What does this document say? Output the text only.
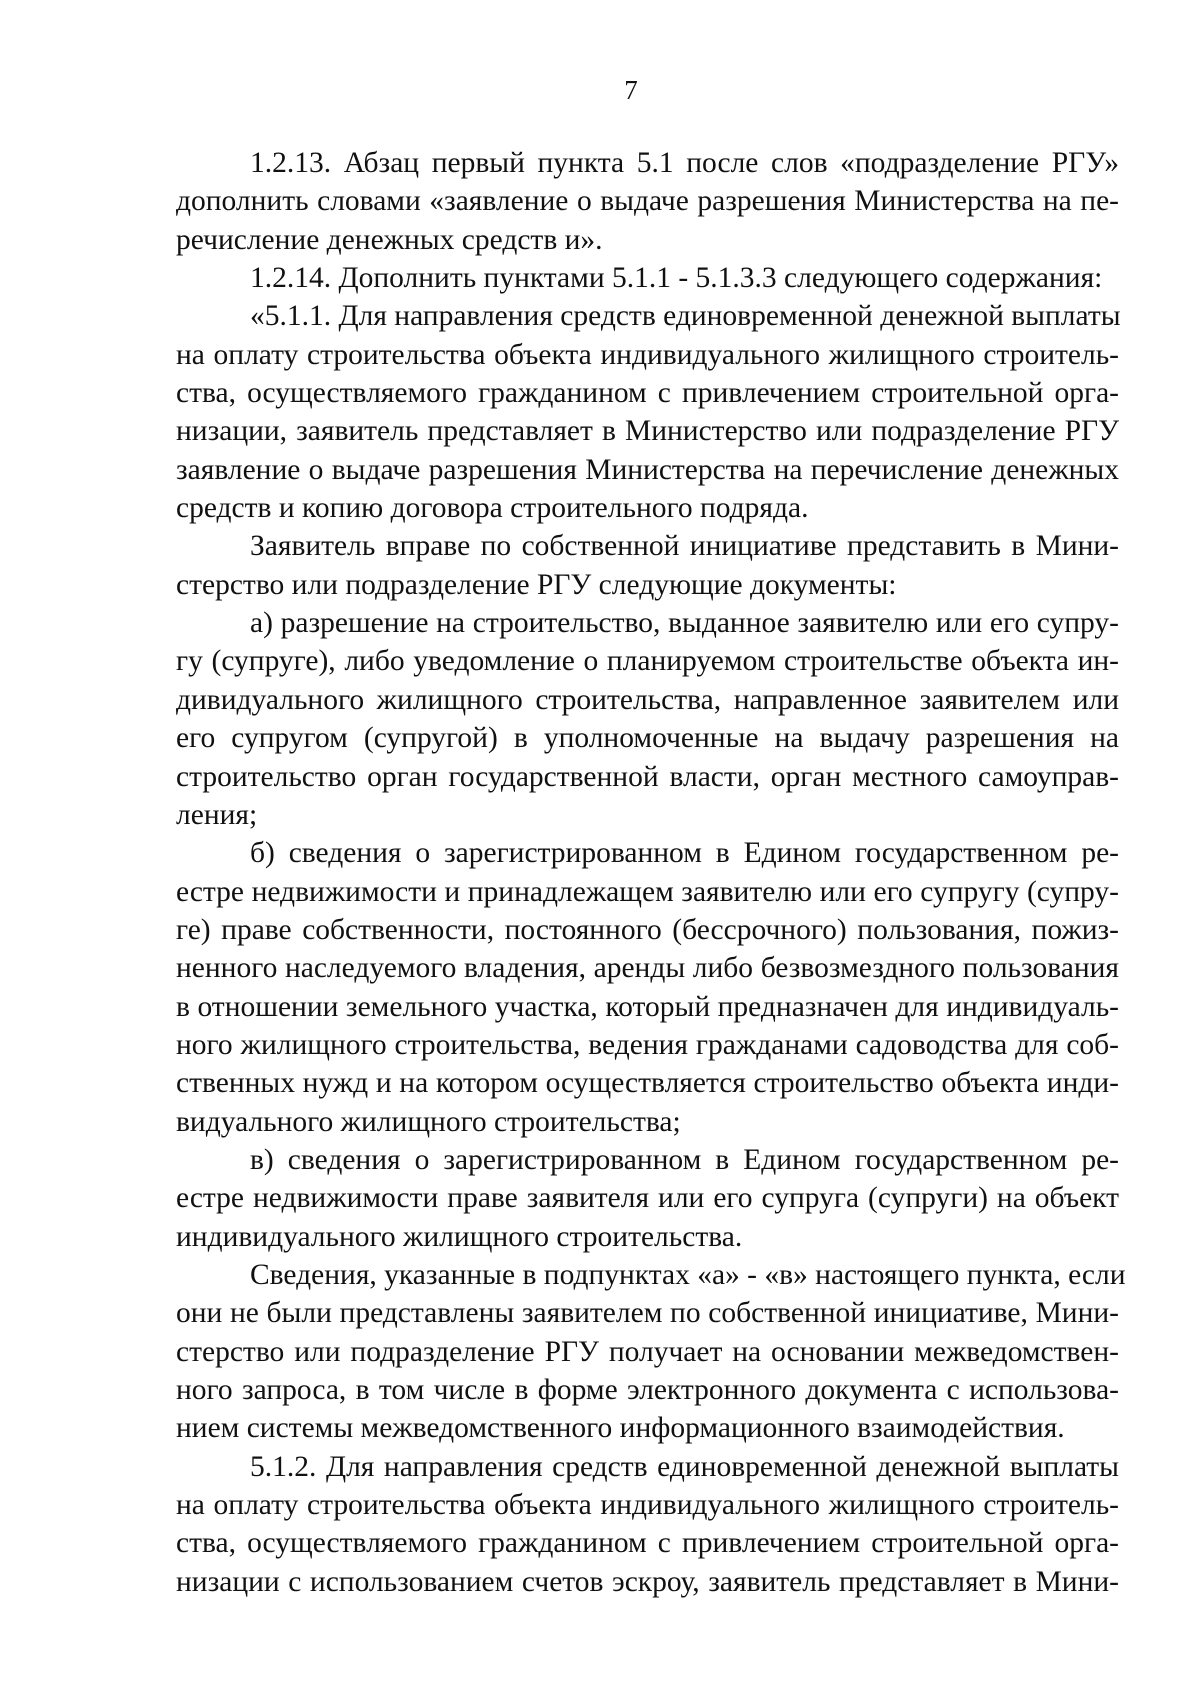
7
1.2.13. Абзац первый пункта 5.1 после слов «подразделение РГУ»
дополнить словами «заявление о выдаче разрешения Министерства на пе-
речисление денежных средств и».
1.2.14. Дополнить пунктами 5.1.1 - 5.1.3.3 следующего содержания:
«5.1.1. Для направления средств единовременной денежной выплаты
на оплату строительства объекта индивидуального жилищного строитель-
ства, осуществляемого гражданином с привлечением строительной орга-
низации, заявитель представляет в Министерство или подразделение РГУ
заявление о выдаче разрешения Министерства на перечисление денежных
средств и копию договора строительного подряда.
Заявитель вправе по собственной инициативе представить в Мини-
стерство или подразделение РГУ следующие документы:
а) разрешение на строительство, выданное заявителю или его супру-
гу (супруге), либо уведомление о планируемом строительстве объекта ин-
дивидуального жилищного строительства, направленное заявителем или
его супругом (супругой) в уполномоченные на выдачу разрешения на
строительство орган государственной власти, орган местного самоуправ-
ления;
б) сведения о зарегистрированном в Едином государственном ре-
естре недвижимости и принадлежащем заявителю или его супругу (супру-
ге) праве собственности, постоянного (бессрочного) пользования, пожиз-
ненного наследуемого владения, аренды либо безвозмездного пользования
в отношении земельного участка, который предназначен для индивидуаль-
ного жилищного строительства, ведения гражданами садоводства для соб-
ственных нужд и на котором осуществляется строительство объекта инди-
видуального жилищного строительства;
в) сведения о зарегистрированном в Едином государственном ре-
естре недвижимости праве заявителя или его супруга (супруги) на объект
индивидуального жилищного строительства.
Сведения, указанные в подпунктах «а» - «в» настоящего пункта, если
они не были представлены заявителем по собственной инициативе, Мини-
стерство или подразделение РГУ получает на основании межведомствен-
ного запроса, в том числе в форме электронного документа с использова-
нием системы межведомственного информационного взаимодействия.
5.1.2. Для направления средств единовременной денежной выплаты
на оплату строительства объекта индивидуального жилищного строитель-
ства, осуществляемого гражданином с привлечением строительной орга-
низации с использованием счетов эскроу, заявитель представляет в Мини-
